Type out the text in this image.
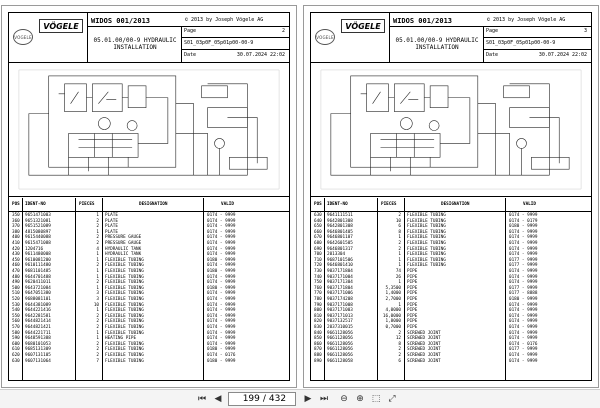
VOGELE
VÖGELE
WIDOS 001/2013	© 2013 by Joseph Vögele AG
05.01.00/00-9 HYDRAULIC INSTALLATION
Page	2
S01_03p0F_05p01p00-00-9
Date	30.07.2024 22:02
POS IDENT-NO	PIECES	DESIGNATION	VALID
350 9651471003	1 PLATE	0174 - 9999
360 9651321081	2 PLATE	0174 - 9999
370 9651521089	2 PLATE	0174 - 9999
380 4815080897	1 PLATE	0174 - 9999
400 9615440088	2 PRESSURE GAUGE	0174 - 9999
410 9615471088	2 PRESSURE GAUGE	0174 - 9999
420 1204716	4 HYDRAULIC TANK	0174 - 9999
430 9611480008	1 HYDRAULIC TANK	0174 - 9999
450 9610081200	1 FLEXIBLE TUBING	0180 - 9999
460 9610111480	2 FLEXIBLE TUBING	0174 - 9999
470 9681101485	1 FLEXIBLE TUBING	0180 - 9999
480 9644701488	1 FLEXIBLE TUBING	0174 - 9999
490 9620411011	2 FLEXIBLE TUBING	0174 - 9999
500 9643721084	1 FLEXIBLE TUBING	0180 - 9999
510 9647051380	3 FLEXIBLE TUBING	0174 - 9999
520 9688081101	3 FLEXIBLE TUBING	0174 - 9999
530 9644381089	10 FLEXIBLE TUBING	0174 - 9999
540 9644221416	1 FLEXIBLE TUBING	0174 - 9999
550 9642281581	2 FLEXIBLE TUBING	0174 - 9999
560 9644821414	2 FLEXIBLE TUBING	0174 - 9999
570 9644821421	2 FLEXIBLE TUBING	0174 - 9999
580 9644221711	1 FLEXIBLE TUBING	0174 - 9999
590 9648591388	1 HEATING PIPE	0174 - 9999
600 9680101053	2 FLEXIBLE TUBING	0174 - 9999
610 9685131309	2 FLEXIBLE TUBING	0180 - 9999
620 9607131105	2 FLEXIBLE TUBING	0174 - 0176
630 9607131064	7 FLEXIBLE TUBING	0180 - 9999
VOGELE
VÖGELE
WIDOS 001/2013	© 2013 by Joseph Vögele AG
05.01.00/00-9 HYDRAULIC INSTALLATION
Page	3
S01_03p0F_05p01p00-00-9
Date	30.07.2024 22:02
POS IDENT-NO	PIECES	DESIGNATION	VALID
630 9641111511	2 FLEXIBLE TUBING	0174 - 9999
640 9642801308	10 FLEXIBLE TUBING	0174 - 0179
650 9642801308	6 FLEXIBLE TUBING	0180 - 9999
660 9646801405	8 FLEXIBLE TUBING	0174 - 9999
670 9646801107	1 FLEXIBLE TUBING	0174 - 9999
680 9642601505	2 FLEXIBLE TUBING	0174 - 9999
690 9646801317	2 FLEXIBLE TUBING	0174 - 9999
700 2013304	1 FLEXIBLE TUBING	0174 - 9999
710 9687101506	1 FLEXIBLE TUBING	0177 - 9999
720 9646801410	1 FLEXIBLE TUBING	0177 - 9999
730 9037171804	74 PIPE	0174 - 9999
740 9037171004	26 PIPE	0174 - 9999
750 9037171304	1 PIPE	0174 - 9999
760 9037171804	5,3500 PIPE	0177 - 9999
770 9037171006	1,4000 PIPE	0177 - 8888
780 9037174208	2,7000 PIPE	0180 - 9999
790 9037171008	1 PIPE	0174 - 9999
800 9037171003	4,0000 PIPE	0174 - 9999
810 9037171013	16,0000 PIPE	0174 - 9999
820 9037132517	1,8000 PIPE	0174 - 9999
830 2037310015	0,7000 PIPE	0174 - 9999
840 9661128056	2 SCREWED JOINT	0174 - 9999
850 9661128056	12 SCREWED JOINT	0174 - 9999
860 9661128056	8 SCREWED JOINT	0174 - 0176
870 9661128056	2 SCREWED JOINT	0177 - 9999
880 9661128056	2 SCREWED JOINT	0174 - 9999
890 9661128058	6 SCREWED JOINT	0174 - 9999
⏮ ◀
199	/ 432 ▶ ⏭ ⊖ ⊕ ⬚ ⤢
